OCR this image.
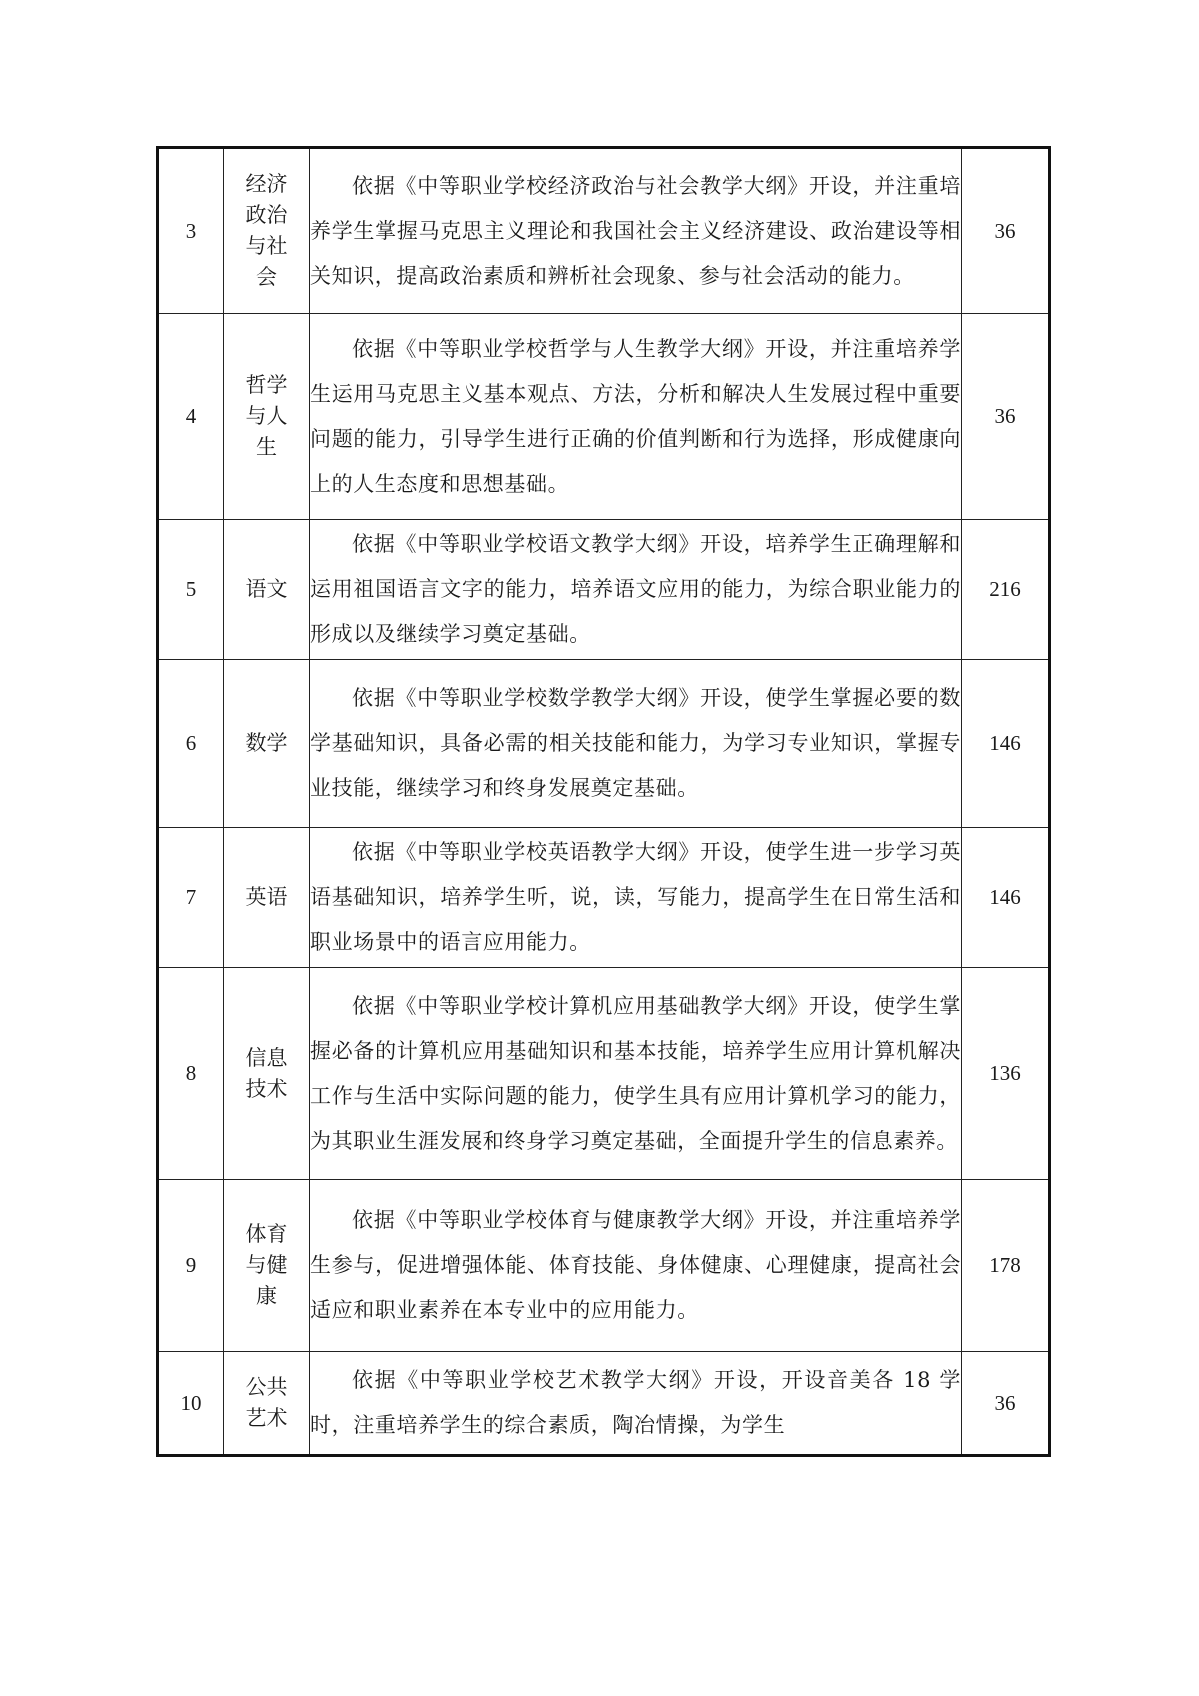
3	经济政治与社会	依据《中等职业学校经济政治与社会教学大纲》开设，并注重培养学生掌握马克思主义理论和我国社会主义经济建设、政治建设等相关知识，提高政治素质和辨析社会现象、参与社会活动的能力。	36
4	哲学与人生	依据《中等职业学校哲学与人生教学大纲》开设，并注重培养学生运用马克思主义基本观点、方法，分析和解决人生发展过程中重要问题的能力，引导学生进行正确的价值判断和行为选择，形成健康向上的人生态度和思想基础。	36
5	语文	依据《中等职业学校语文教学大纲》开设，培养学生正确理解和运用祖国语言文字的能力，培养语文应用的能力，为综合职业能力的形成以及继续学习奠定基础。	216
6	数学	依据《中等职业学校数学教学大纲》开设，使学生掌握必要的数学基础知识，具备必需的相关技能和能力，为学习专业知识，掌握专业技能，继续学习和终身发展奠定基础。	146
7	英语	依据《中等职业学校英语教学大纲》开设，使学生进一步学习英语基础知识，培养学生听，说，读，写能力，提高学生在日常生活和职业场景中的语言应用能力。	146
8	信息技术	依据《中等职业学校计算机应用基础教学大纲》开设，使学生掌握必备的计算机应用基础知识和基本技能，培养学生应用计算机解决工作与生活中实际问题的能力，使学生具有应用计算机学习的能力，为其职业生涯发展和终身学习奠定基础，全面提升学生的信息素养。	136
9	体育与健康	依据《中等职业学校体育与健康教学大纲》开设，并注重培养学生参与，促进增强体能、体育技能、身体健康、心理健康，提高社会适应和职业素养在本专业中的应用能力。	178
10	公共艺术	依据《中等职业学校艺术教学大纲》开设，开设音美各 18 学时，注重培养学生的综合素质，陶冶情操，为学生	36
